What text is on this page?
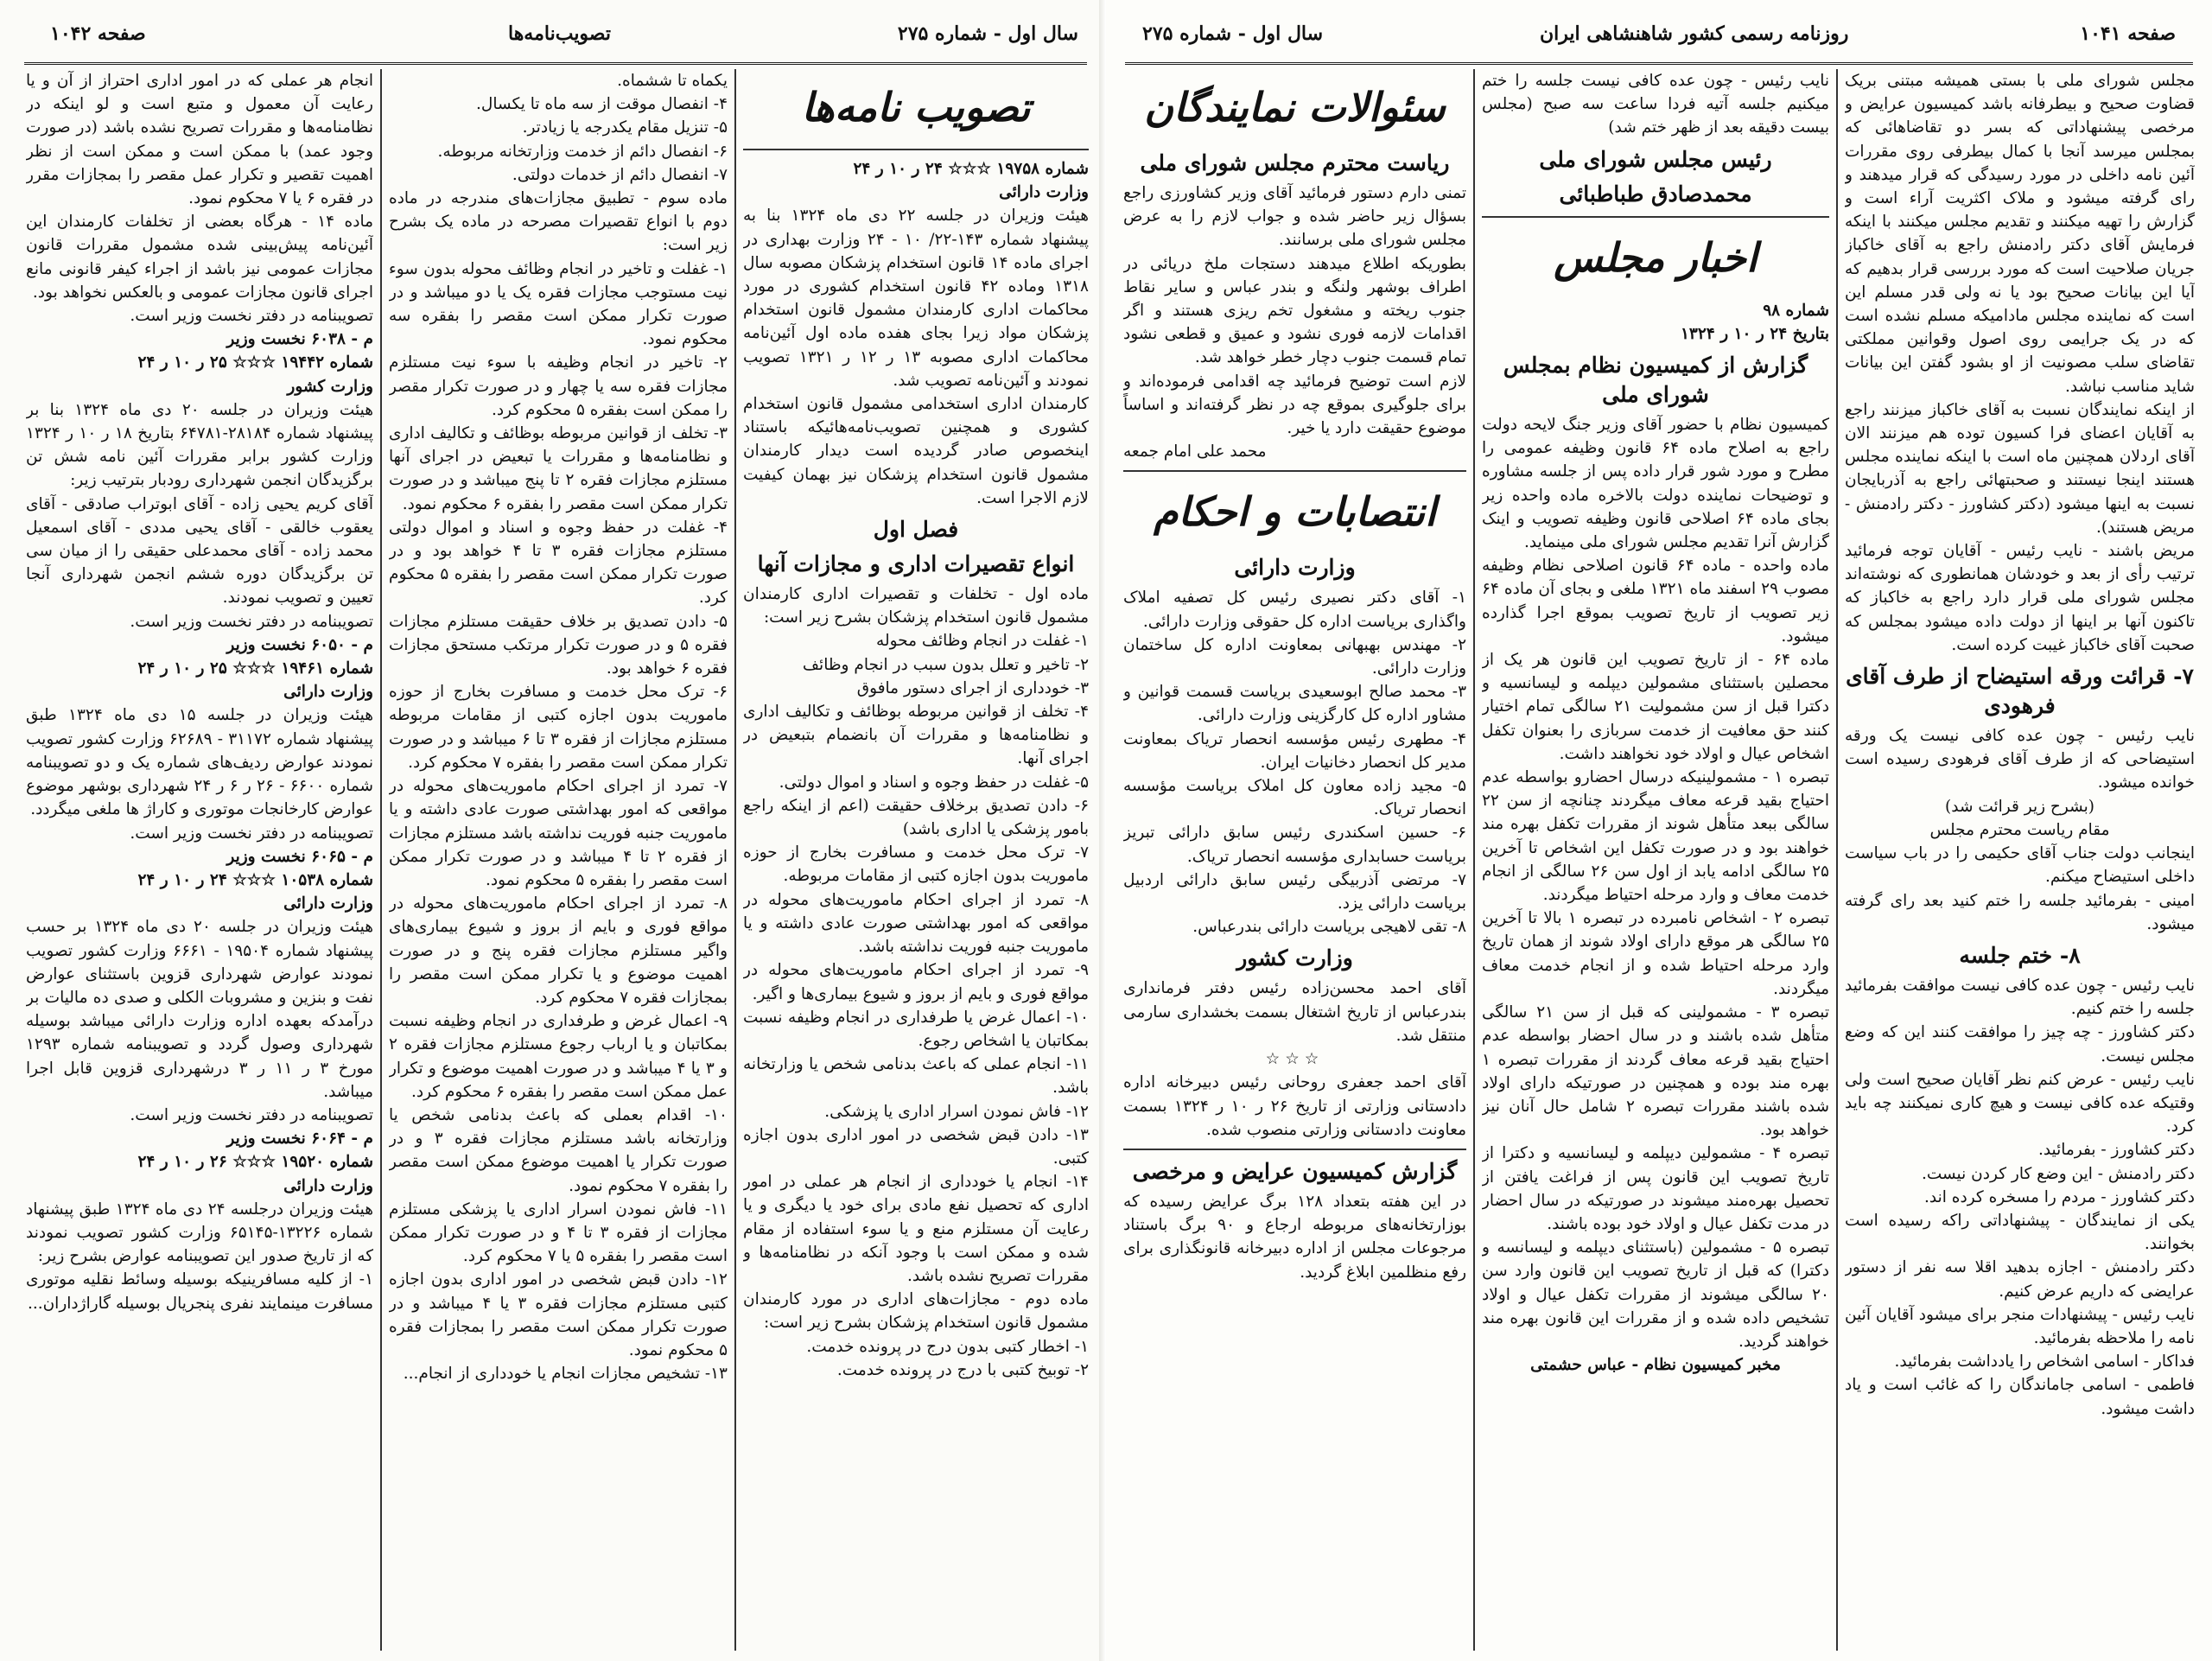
صفحه ۱۰۴۲	تصویب‌نامه‌ها	سال اول - شماره ۲۷۵
تصویب نامه‌ها

شماره ۱۹۷۵۸ ☆☆☆ ۲۴ ر ۱۰ ر ۲۴

وزارت دارائی

هیئت وزیران در جلسه ۲۲ دی ماه ۱۳۲۴ بنا به پیشنهاد شماره ۱۴۳-۲۲/ ۱۰ - ۲۴ وزارت بهداری در اجرای ماده ۱۴ قانون استخدام پزشکان مصوبه سال ۱۳۱۸ وماده ۴۲ قانون استخدام کشوری در مورد محاکمات اداری کارمندان مشمول قانون استخدام پزشکان مواد زیرا بجای هفده ماده اول آئین‌نامه محاکمات اداری مصوبه ۱۳ ر ۱۲ ر ۱۳۲۱ تصویب نمودند و آئین‌نامه تصویب شد.

کارمندان اداری استخدامی مشمول قانون استخدام کشوری و همچنین تصویب‌نامه‌هائیکه باستناد اینخصوص صادر گردیده است دیدار کارمندان مشمول قانون استخدام پزشکان نیز بهمان کیفیت لازم الاجرا است.

فصل اول
انواع تقصیرات اداری و مجازات آنها

ماده اول - تخلفات و تقصیرات اداری کارمندان مشمول قانون استخدام پزشکان بشرح زیر است:

۱- غفلت در انجام وظائف محوله

۲- تاخیر و تعلل بدون سبب در انجام وظائف

۳- خودداری از اجرای دستور مافوق

۴- تخلف از قوانین مربوطه بوظائف و تکالیف اداری و نظامنامه‌ها و مقررات آن بانضمام بتبعیض در اجرای آنها.

۵- غفلت در حفظ وجوه و اسناد و اموال دولتی.

۶- دادن تصدیق برخلاف حقیقت (اعم از اینکه راجع بامور پزشکی یا اداری باشد)

۷- ترک محل خدمت و مسافرت بخارج از حوزه ماموریت بدون اجازه کتبی از مقامات مربوطه.

۸- تمرد از اجرای احکام ماموریت‌های محوله در مواقعی که امور بهداشتی صورت عادی داشته و یا ماموریت جنبه فوریت نداشته باشد.

۹- تمرد از اجرای احکام ماموریت‌های محوله در مواقع فوری و بایم از بروز و شیوع بیماری‌ها و اگیر.

۱۰- اعمال غرض یا طرفداری در انجام وظیفه نسبت بمکاتبان یا اشخاص رجوع.

۱۱- انجام عملی که باعث بدنامی شخص یا وزارتخانه باشد.

۱۲- فاش نمودن اسرار اداری یا پزشکی.

۱۳- دادن قبض شخصی در امور اداری بدون اجازه کتبی.

۱۴- انجام یا خودداری از انجام هر عملی در امور اداری که تحصیل نفع مادی برای خود یا دیگری و یا رعایت آن مستلزم منع و یا سوء استفاده از مقام شده و ممکن است با وجود آنکه در نظامنامه‌ها و مقررات تصریح نشده باشد.

ماده دوم - مجازات‌های اداری در مورد کارمندان مشمول قانون استخدام پزشکان بشرح زیر است:

۱- اخطار کتبی بدون درج در پرونده خدمت.

۲- توبیخ کتبی با درج در پرونده خدمت.

یکماه تا ششماه.

۴- انفصال موقت از سه ماه تا یکسال.

۵- تنزیل مقام یکدرجه یا زیادتر.

۶- انفصال دائم از خدمت وزارتخانه مربوطه.

۷- انفصال دائم از خدمات دولتی.

ماده سوم - تطبیق مجازات‌های مندرجه در ماده دوم با انواع تقصیرات مصرحه در ماده یک بشرح زیر است:

۱- غفلت و تاخیر در انجام وظائف محوله بدون سوء نیت مستوجب مجازات فقره یک یا دو میباشد و در صورت تکرار ممکن است مقصر را بفقره سه محکوم نمود.

۲- تاخیر در انجام وظیفه با سوء نیت مستلزم مجازات فقره سه یا چهار و در صورت تکرار مقصر را ممکن است بفقره ۵ محکوم کرد.

۳- تخلف از قوانین مربوطه بوظائف و تکالیف اداری و نظامنامه‌ها و مقررات یا تبعیض در اجرای آنها مستلزم مجازات فقره ۲ تا پنج میباشد و در صورت تکرار ممکن است مقصر را بفقره ۶ محکوم نمود.

۴- غفلت در حفظ وجوه و اسناد و اموال دولتی مستلزم مجازات فقره ۳ تا ۴ خواهد بود و در صورت تکرار ممکن است مقصر را بفقره ۵ محکوم کرد.

۵- دادن تصدیق بر خلاف حقیقت مستلزم مجازات فقره ۵ و در صورت تکرار مرتکب مستحق مجازات فقره ۶ خواهد بود.

۶- ترک محل خدمت و مسافرت بخارج از حوزه ماموریت بدون اجازه کتبی از مقامات مربوطه مستلزم مجازات از فقره ۳ تا ۶ میباشد و در صورت تکرار ممکن است مقصر را بفقره ۷ محکوم کرد.

۷- تمرد از اجرای احکام ماموریت‌های محوله در مواقعی که امور بهداشتی صورت عادی داشته و یا ماموریت جنبه فوریت نداشته باشد مستلزم مجازات از فقره ۲ تا ۴ میباشد و در صورت تکرار ممکن است مقصر را بفقره ۵ محکوم نمود.

۸- تمرد از اجرای احکام ماموریت‌های محوله در مواقع فوری و بایم از بروز و شیوع بیماری‌های واگیر مستلزم مجازات فقره پنج و در صورت اهمیت موضوع و یا تکرار ممکن است مقصر را بمجازات فقره ۷ محکوم کرد.

۹- اعمال غرض و طرفداری در انجام وظیفه نسبت بمکاتبان و یا ارباب رجوع مستلزم مجازات فقره ۲ و ۳ یا ۴ میباشد و در صورت اهمیت موضوع و تکرار عمل ممکن است مقصر را بفقره ۶ محکوم کرد.

۱۰- اقدام بعملی که باعث بدنامی شخص یا وزارتخانه باشد مستلزم مجازات فقره ۳ و در صورت تکرار یا اهمیت موضوع ممکن است مقصر را بفقره ۷ محکوم نمود.

۱۱- فاش نمودن اسرار اداری یا پزشکی مستلزم مجازات از فقره ۳ تا ۴ و در صورت تکرار ممکن است مقصر را بفقره ۵ یا ۷ محکوم کرد.

۱۲- دادن قبض شخصی در امور اداری بدون اجازه کتبی مستلزم مجازات فقره ۳ یا ۴ میباشد و در صورت تکرار ممکن است مقصر را بمجازات فقره ۵ محکوم نمود.

۱۳- تشخیص مجازات انجام یا خودداری از انجام...

انجام هر عملی که در امور اداری احتراز از آن و یا رعایت آن معمول و متبع است و لو اینکه در نظامنامه‌ها و مقررات تصریح نشده باشد (در صورت وجود عمد) با ممکن است و ممکن است از نظر اهمیت تقصیر و تکرار عمل مقصر را بمجازات مقرر در فقره ۶ یا ۷ محکوم نمود.

ماده ۱۴ - هرگاه بعضی از تخلفات کارمندان این آئین‌نامه پیش‌بینی شده مشمول مقررات قانون مجازات عمومی نیز باشد از اجراء کیفر قانونی مانع اجرای قانون مجازات عمومی و بالعکس نخواهد بود.

تصویبنامه در دفتر نخست وزیر است.

م - ۶۰۳۸ نخست وزیر

شماره ۱۹۴۴۲ ☆☆☆ ۲۵ ر ۱۰ ر ۲۴

وزارت کشور

هیئت وزیران در جلسه ۲۰ دی ماه ۱۳۲۴ بنا بر پیشنهاد شماره ۲۸۱۸۴-۶۴۷۸۱ بتاریخ ۱۸ ر ۱۰ ر ۱۳۲۴ وزارت کشور برابر مقررات آئین نامه شش تن برگزیدگان انجمن شهرداری رودبار بترتیب زیر:

آقای کریم یحیی زاده - آقای ابوتراب صادقی - آقای یعقوب خالقی - آقای یحیی مددی - آقای اسمعیل محمد زاده - آقای محمدعلی حقیقی را از میان سی تن برگزیدگان دوره ششم انجمن شهرداری آنجا تعیین و تصویب نمودند.

تصویبنامه در دفتر نخست وزیر است.

م - ۶۰۵۰ نخست وزیر

شماره ۱۹۴۶۱ ☆☆☆ ۲۵ ر ۱۰ ر ۲۴

وزارت دارائی

هیئت وزیران در جلسه ۱۵ دی ماه ۱۳۲۴ طبق پیشنهاد شماره ۳۱۱۷۲ - ۶۲۶۸۹ وزارت کشور تصویب نمودند عوارض ردیف‌های شماره یک و دو تصویبنامه شماره ۶۶۰۰ - ۲۶ ر ۶ ر ۲۴ شهرداری بوشهر موضوع عوارض کارخانجات موتوری و کاراژ ها ملغی میگردد.

تصویبنامه در دفتر نخست وزیر است.

م - ۶۰۶۵ نخست وزیر

شماره ۱۰۵۳۸ ☆☆☆ ۲۴ ر ۱۰ ر ۲۴

وزارت دارائی

هیئت وزیران در جلسه ۲۰ دی ماه ۱۳۲۴ بر حسب پیشنهاد شماره ۱۹۵۰۴ - ۶۶۶۱ وزارت کشور تصویب نمودند عوارض شهرداری قزوین باستثنای عوارض نفت و بنزین و مشروبات الکلی و صدی ده مالیات بر درآمدکه بعهده اداره وزارت دارائی میباشد بوسیله شهرداری وصول گردد و تصویبنامه شماره ۱۲۹۳ مورخ ۳ ر ۱۱ ر ۳ درشهرداری قزوین قابل اجرا میباشد.

تصویبنامه در دفتر نخست وزیر است.

م - ۶۰۶۴ نخست وزیر

شماره ۱۹۵۲۰ ☆☆☆ ۲۶ ر ۱۰ ر ۲۴

وزارت دارائی

هیئت وزیران درجلسه ۲۴ دی ماه ۱۳۲۴ طبق پیشنهاد شماره ۱۳۲۲۶-۶۵۱۴۵ وزارت کشور تصویب نمودند که از تاریخ صدور این تصویبنامه عوارض بشرح زیر:

۱- از کلیه مسافرینیکه بوسیله وسائط نقلیه موتوری مسافرت مینمایند نفری پنجریال بوسیله گاراژداران...

سال اول - شماره ۲۷۵	روزنامه رسمی کشور شاهنشاهی ایران	صفحه ۱۰۴۱

مجلس شورای ملی با بستی همیشه مبتنی بریک قضاوت صحیح و بیطرفانه باشد کمیسیون عرایض و مرخصی پیشنهاداتی که بسر دو تقاضاهائی که بمجلس میرسد آنجا با کمال بیطرفی روی مقررات آئین نامه داخلی در مورد رسیدگی که قرار میدهند و رای گرفته میشود و ملاک اکثریت آراء است و گزارش را تهیه میکنند و تقدیم مجلس میکنند با اینکه فرمایش آقای دکتر رادمنش راجع به آقای خاکباز جریان صلاحیت است که مورد بررسی قرار بدهیم که آیا این بیانات صحیح بود یا نه ولی قدر مسلم این است که نماینده مجلس مادامیکه مسلم نشده است که در یک جرایمی روی اصول وقوانین مملکتی تقاضای سلب مصونیت از او بشود گفتن این بیانات شاید مناسب نباشد.

از اینکه نمایندگان نسبت به آقای خاکباز میزنند راجع به آقایان اعضای فرا کسیون توده هم میزنند الان آقای اردلان همچنین ماه است با اینکه نماینده مجلس هستند اینجا نیستند و صحبتهائی راجع به آذربایجان نسبت به اینها میشود (دکتر کشاورز - دکتر رادمنش - مریض هستند).

مریض باشند - نایب رئیس - آقایان توجه فرمائید ترتیب رأی از بعد و خودشان همانطوری که نوشته‌اند مجلس شورای ملی قرار دارد راجع به خاکباز که تاکنون آنها بر اینها از دولت داده میشود بمجلس که صحبت آقای خاکباز غیبت کرده است.

۷- قرائت ورقه استیضاح از طرف آقای فرهودی

نایب رئیس - چون عده کافی نیست یک ورقه استیضاحی که از طرف آقای فرهودی رسیده است خوانده میشود.

(بشرح زیر قرائت شد)

مقام ریاست محترم مجلس

اینجانب دولت جناب آقای حکیمی را در باب سیاست داخلی استیضاح میکنم.

امینی - بفرمائید جلسه را ختم کنید بعد رای گرفته میشود.

۸- ختم جلسه

نایب رئیس - چون عده کافی نیست موافقت بفرمائید جلسه را ختم کنیم.

دکتر کشاورز - چه چیز را موافقت کنند این که وضع مجلس نیست.

نایب رئیس - عرض کنم نظر آقایان صحیح است ولی وقتیکه عده کافی نیست و هیچ کاری نمیکنند چه باید کرد.

دکتر کشاورز - بفرمائید.

دکتر رادمنش - این وضع کار کردن نیست.

دکتر کشاورز - مردم را مسخره کرده اند.

یکی از نمایندگان - پیشنهاداتی راکه رسیده است بخوانند.

دکتر رادمنش - اجازه بدهید اقلا سه نفر از دستور عرایضی که داریم عرض کنیم.

نایب رئیس - پیشنهادات منجر برای میشود آقایان آئین نامه را ملاحظه بفرمائید.

فداکار - اسامی اشخاص را یادداشت بفرمائید.

فاطمی - اسامی جاماندگان را که غائب است و یاد داشت میشود.

نایب رئیس - چون عده کافی نیست جلسه را ختم میکنیم جلسه آتیه فردا ساعت سه صبح (مجلس بیست دقیقه بعد از ظهر ختم شد)

رئیس مجلس شورای ملی
محمدصادق طباطبائی
اخبار مجلس

شماره ۹۸

بتاریخ ۲۴ ر ۱۰ ر ۱۳۲۴

گزارش از کمیسیون نظام بمجلس شورای ملی

کمیسیون نظام با حضور آقای وزیر جنگ لایحه دولت راجع به اصلاح ماده ۶۴ قانون وظیفه عمومی را مطرح و مورد شور قرار داده پس از جلسه مشاوره و توضیحات نماینده دولت بالاخره ماده واحده زیر بجای ماده ۶۴ اصلاحی قانون وظیفه تصویب و اینک گزارش آنرا تقدیم مجلس شورای ملی مینماید.

ماده واحده - ماده ۶۴ قانون اصلاحی نظام وظیفه مصوب ۲۹ اسفند ماه ۱۳۲۱ ملغی و بجای آن ماده ۶۴ زیر تصویب از تاریخ تصویب بموقع اجرا گذارده میشود.

ماده ۶۴ - از تاریخ تصویب این قانون هر یک از محصلین باستثنای مشمولین دیپلمه و لیسانسیه و دکترا قبل از سن مشمولیت ۲۱ سالگی تمام اختیار کنند حق معافیت از خدمت سربازی را بعنوان تکفل اشخاص عیال و اولاد خود نخواهند داشت.

تبصره ۱ - مشمولینیکه درسال احضارو بواسطه عدم احتیاج بقید قرعه معاف میگردند چنانچه از سن ۲۲ سالگی ببعد متأهل شوند از مقررات تکفل بهره مند خواهند بود و در صورت تکفل این اشخاص تا آخرین ۲۵ سالگی ادامه یابد از اول سن ۲۶ سالگی از انجام خدمت معاف و وارد مرحله احتیاط میگردند.

تبصره ۲ - اشخاص نامبرده در تبصره ۱ بالا تا آخرین ۲۵ سالگی هر موقع دارای اولاد شوند از همان تاریخ وارد مرحله احتیاط شده و از انجام خدمت معاف میگردند.

تبصره ۳ - مشمولینی که قبل از سن ۲۱ سالگی متأهل شده باشند و در سال احضار بواسطه عدم احتیاج بقید قرعه معاف گردند از مقررات تبصره ۱ بهره مند بوده و همچنین در صورتیکه دارای اولاد شده باشند مقررات تبصره ۲ شامل حال آنان نیز خواهد بود.

تبصره ۴ - مشمولین دیپلمه و لیسانسیه و دکترا از تاریخ تصویب این قانون پس از فراغت یافتن از تحصیل بهره‌مند میشوند در صورتیکه در سال احضار در مدت تکفل عیال و اولاد خود بوده باشند.

تبصره ۵ - مشمولین (باستثنای دیپلمه و لیسانسه و دکترا) که قبل از تاریخ تصویب این قانون وارد سن ۲۰ سالگی میشوند از مقررات تکفل عیال و اولاد تشخیص داده شده و از مقررات این قانون بهره مند خواهند گردید.

مخبر کمیسیون نظام - عباس حشمتی

سئوالات نمایندگان
ریاست محترم مجلس شورای ملی

تمنی دارم دستور فرمائید آقای وزیر کشاورزی راجع بسؤال زیر حاضر شده و جواب لازم را به عرض مجلس شورای ملی برسانند.

بطوریکه اطلاع میدهند دستجات ملخ دریائی در اطراف بوشهر ولنگه و بندر عباس و سایر نقاط جنوب ریخته و مشغول تخم ریزی هستند و اگر اقدامات لازمه فوری نشود و عمیق و قطعی نشود تمام قسمت جنوب دچار خطر خواهد شد.

لازم است توضیح فرمائید چه اقدامی فرموده‌اند و برای جلوگیری بموقع چه در نظر گرفته‌اند و اساساً موضوع حقیقت دارد یا خیر.

محمد علی امام جمعه

انتصابات و احکام
وزارت دارائی

۱- آقای دکتر نصیری رئیس کل تصفیه املاک واگذاری بریاست اداره کل حقوقی وزارت دارائی.

۲- مهندس بهبهانی بمعاونت اداره کل ساختمان وزارت دارائی.

۳- محمد صالح ابوسعیدی بریاست قسمت قوانین و مشاور اداره کل کارگزینی وزارت دارائی.

۴- مطهری رئیس مؤسسه انحصار تریاک بمعاونت مدیر کل انحصار دخانیات ایران.

۵- مجید زاده معاون کل املاک بریاست مؤسسه انحصار تریاک.

۶- حسین اسکندری رئیس سابق دارائی تبریز بریاست حسابداری مؤسسه انحصار تریاک.

۷- مرتضی آذربیگی رئیس سابق دارائی اردبیل بریاست دارائی یزد.

۸- تقی لاهیجی بریاست دارائی بندرعباس.

وزارت کشور

آقای احمد محسن‌زاده رئیس دفتر فرمانداری بندرعباس از تاریخ اشتغال بسمت بخشداری سارمی منتقل شد.

☆☆☆

آقای احمد جعفری روحانی رئیس دبیرخانه اداره دادستانی وزارتی از تاریخ ۲۶ ر ۱۰ ر ۱۳۲۴ بسمت معاونت دادستانی وزارتی منصوب شده.

گزارش کمیسیون عرایض و مرخصی

در این هفته بتعداد ۱۲۸ برگ عرایض رسیده که بوزارتخانه‌های مربوطه ارجاع و ۹۰ برگ باستناد مرجوعات مجلس از اداره دبیرخانه قانونگذاری برای رفع منظلمین ابلاغ گردید.
